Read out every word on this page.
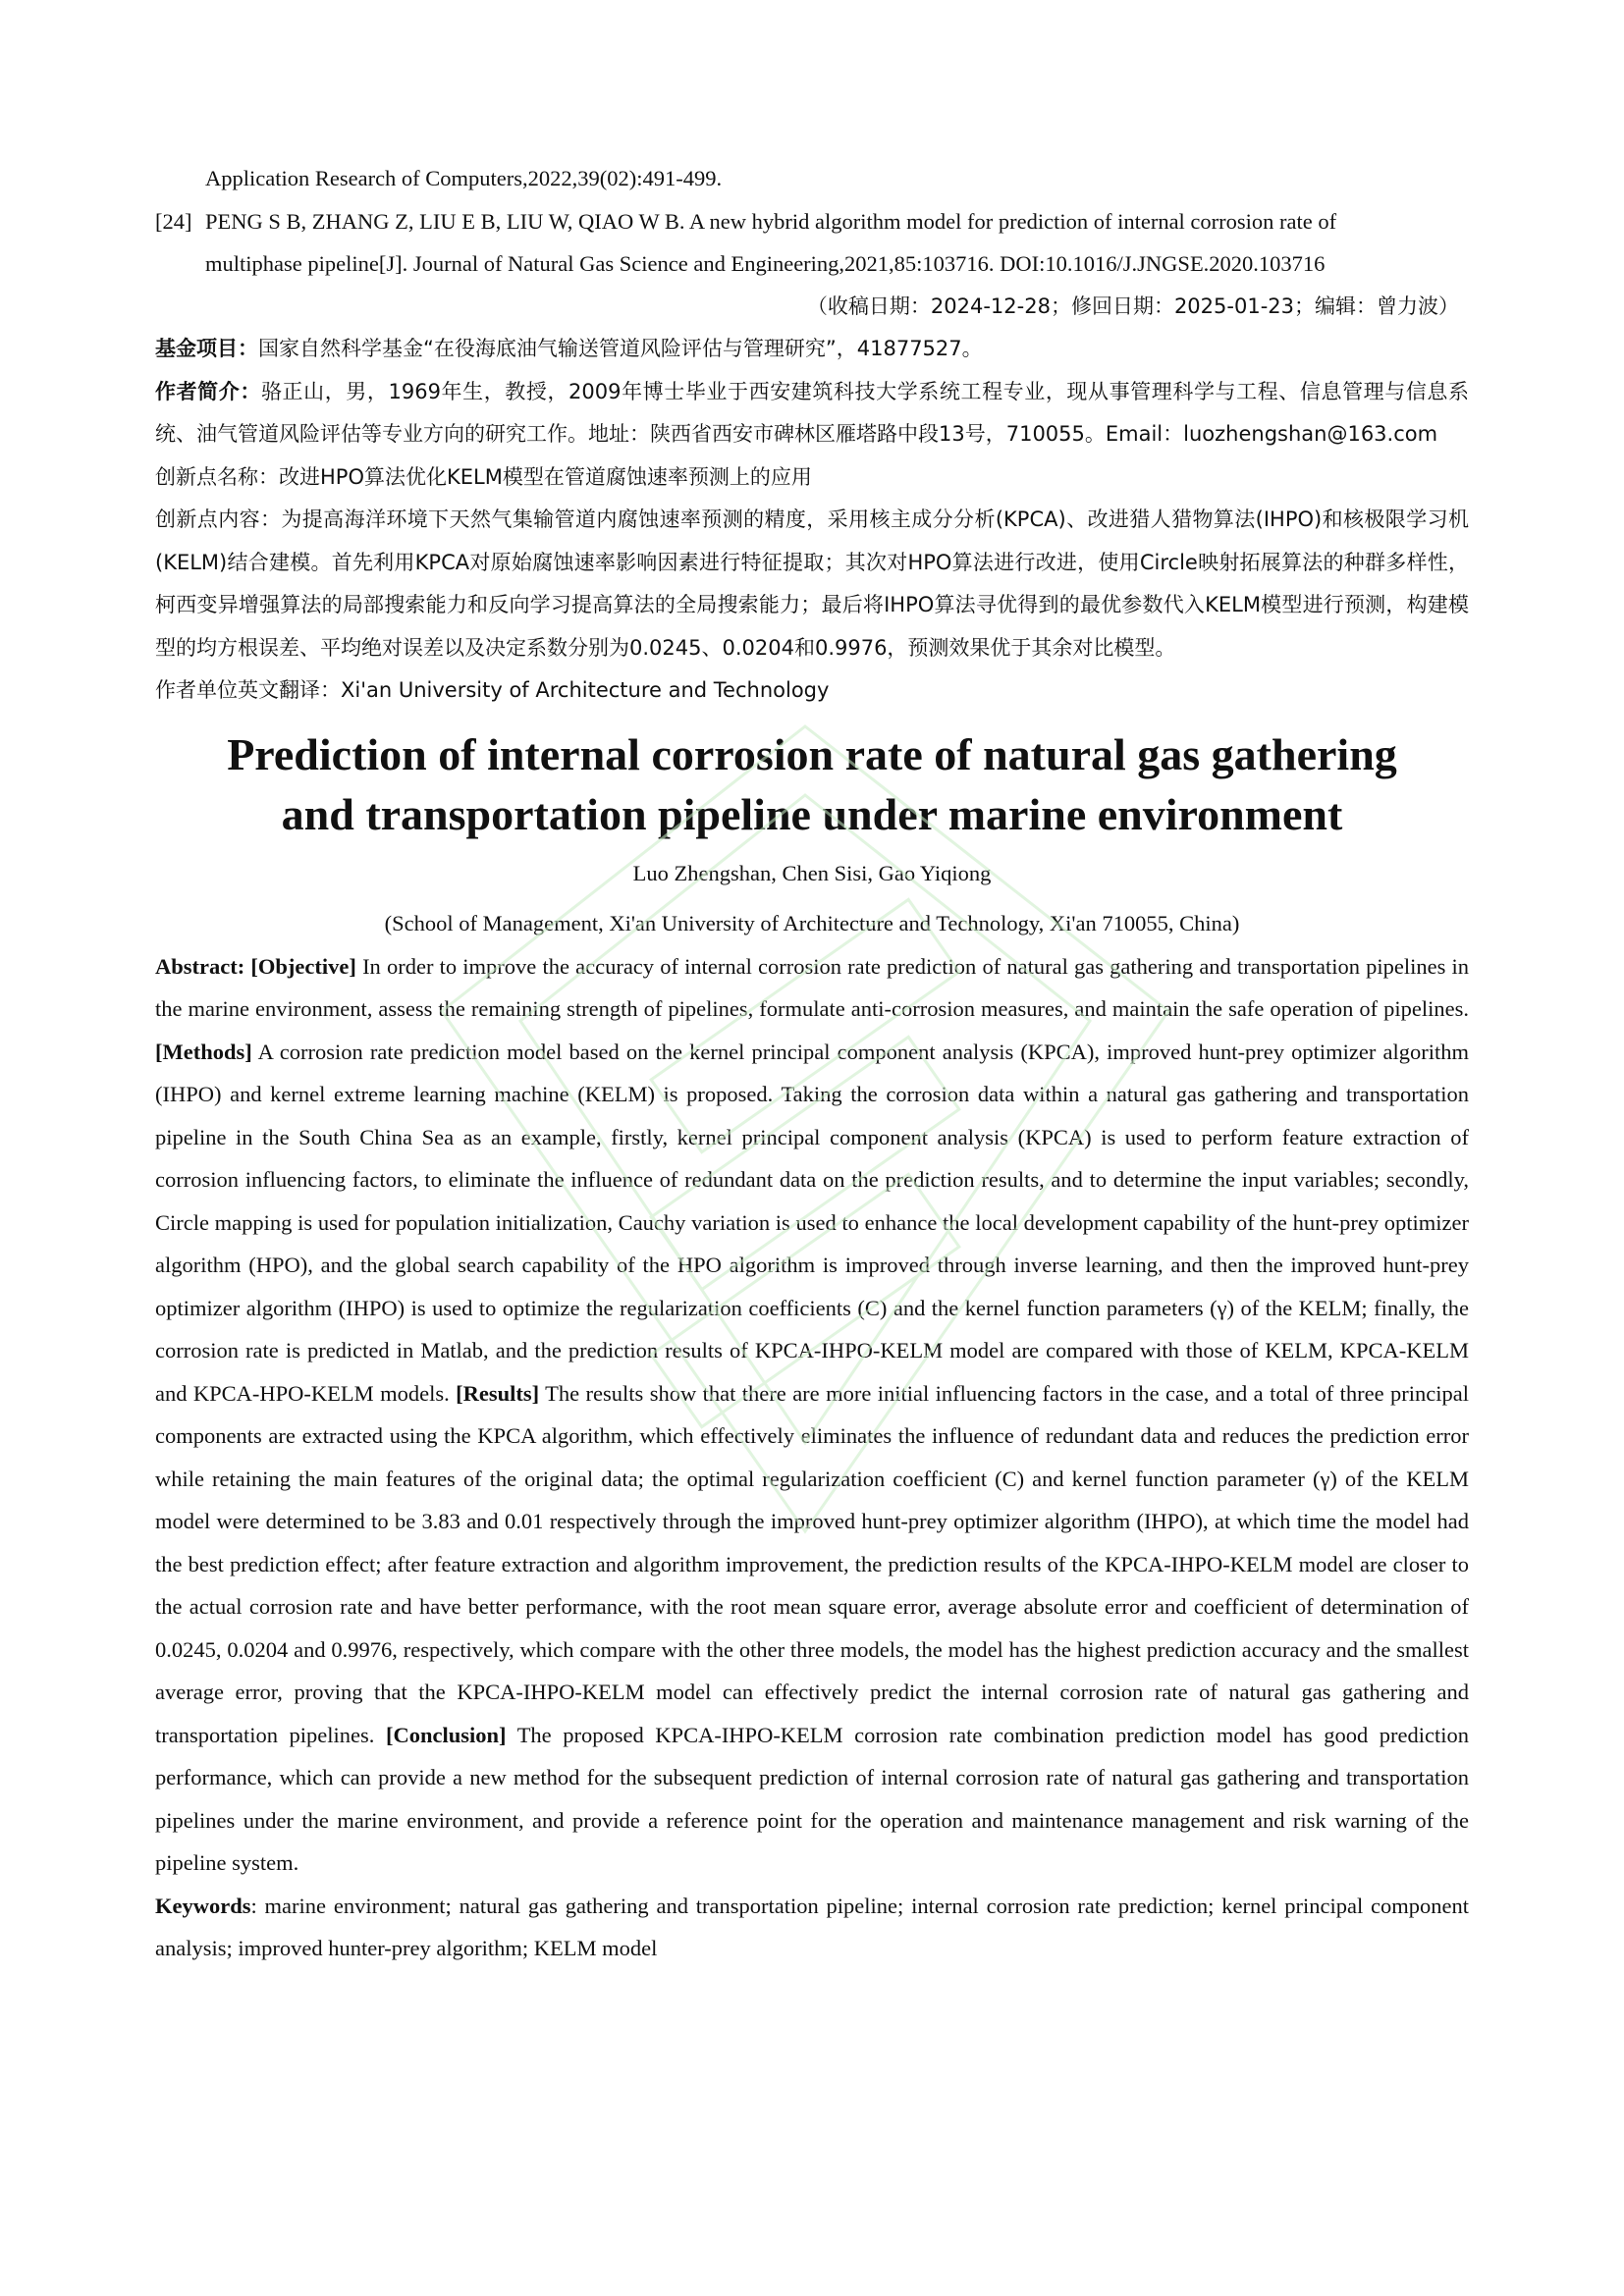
Application Research of Computers,2022,39(02):491-499.
[24] PENG S B, ZHANG Z, LIU E B, LIU W, QIAO W B. A new hybrid algorithm model for prediction of internal corrosion rate of
multiphase pipeline[J]. Journal of Natural Gas Science and Engineering,2021,85:103716. DOI:10.1016/J.JNGSE.2020.103716
（收稿日期：2024-12-28；修回日期：2025-01-23；编辑：曾力波）

基金项目：国家自然科学基金“在役海底油气输送管道风险评估与管理研究”，41877527。

作者简介：骆正山，男，1969年生，教授，2009年博士毕业于西安建筑科技大学系统工程专业，现从事管理科学与工程、信息管理与信息系统、油气管道风险评估等专业方向的研究工作。地址：陕西省西安市碑林区雁塔路中段13号，710055。Email：luozhengshan@163.com

创新点名称：改进HPO算法优化KELM模型在管道腐蚀速率预测上的应用

创新点内容：为提高海洋环境下天然气集输管道内腐蚀速率预测的精度，采用核主成分分析(KPCA)、改进猎人猎物算法(IHPO)和核极限学习机(KELM)结合建模。首先利用KPCA对原始腐蚀速率影响因素进行特征提取；其次对HPO算法进行改进，使用Circle映射拓展算法的种群多样性，柯西变异增强算法的局部搜索能力和反向学习提高算法的全局搜索能力；最后将IHPO算法寻优得到的最优参数代入KELM模型进行预测，构建模型的均方根误差、平均绝对误差以及决定系数分别为0.0245、0.0204和0.9976，预测效果优于其余对比模型。

作者单位英文翻译：Xi'an University of Architecture and Technology

Prediction of internal corrosion rate of natural gas gathering
and transportation pipeline under marine environment
Luo Zhengshan, Chen Sisi, Gao Yiqiong
(School of Management, Xi'an University of Architecture and Technology, Xi'an 710055, China)

Abstract: [Objective] In order to improve the accuracy of internal corrosion rate prediction of natural gas gathering and transportation pipelines in the marine environment, assess the remaining strength of pipelines, formulate anti-corrosion measures, and maintain the safe operation of pipelines. [Methods] A corrosion rate prediction model based on the kernel principal component analysis (KPCA), improved hunt-prey optimizer algorithm (IHPO) and kernel extreme learning machine (KELM) is proposed. Taking the corrosion data within a natural gas gathering and transportation pipeline in the South China Sea as an example, firstly, kernel principal component analysis (KPCA) is used to perform feature extraction of corrosion influencing factors, to eliminate the influence of redundant data on the prediction results, and to determine the input variables; secondly, Circle mapping is used for population initialization, Cauchy variation is used to enhance the local development capability of the hunt-prey optimizer algorithm (HPO), and the global search capability of the HPO algorithm is improved through inverse learning, and then the improved hunt-prey optimizer algorithm (IHPO) is used to optimize the regularization coefficients (C) and the kernel function parameters (γ) of the KELM; finally, the corrosion rate is predicted in Matlab, and the prediction results of KPCA-IHPO-KELM model are compared with those of KELM, KPCA-KELM and KPCA-HPO-KELM models. [Results] The results show that there are more initial influencing factors in the case, and a total of three principal components are extracted using the KPCA algorithm, which effectively eliminates the influence of redundant data and reduces the prediction error while retaining the main features of the original data; the optimal regularization coefficient (C) and kernel function parameter (γ) of the KELM model were determined to be 3.83 and 0.01 respectively through the improved hunt-prey optimizer algorithm (IHPO), at which time the model had the best prediction effect; after feature extraction and algorithm improvement, the prediction results of the KPCA-IHPO-KELM model are closer to the actual corrosion rate and have better performance, with the root mean square error, average absolute error and coefficient of determination of 0.0245, 0.0204 and 0.9976, respectively, which compare with the other three models, the model has the highest prediction accuracy and the smallest average error, proving that the KPCA-IHPO-KELM model can effectively predict the internal corrosion rate of natural gas gathering and transportation pipelines. [Conclusion] The proposed KPCA-IHPO-KELM corrosion rate combination prediction model has good prediction performance, which can provide a new method for the subsequent prediction of internal corrosion rate of natural gas gathering and transportation pipelines under the marine environment, and provide a reference point for the operation and maintenance management and risk warning of the pipeline system.

Keywords: marine environment; natural gas gathering and transportation pipeline; internal corrosion rate prediction; kernel principal component analysis; improved hunter-prey algorithm; KELM model
